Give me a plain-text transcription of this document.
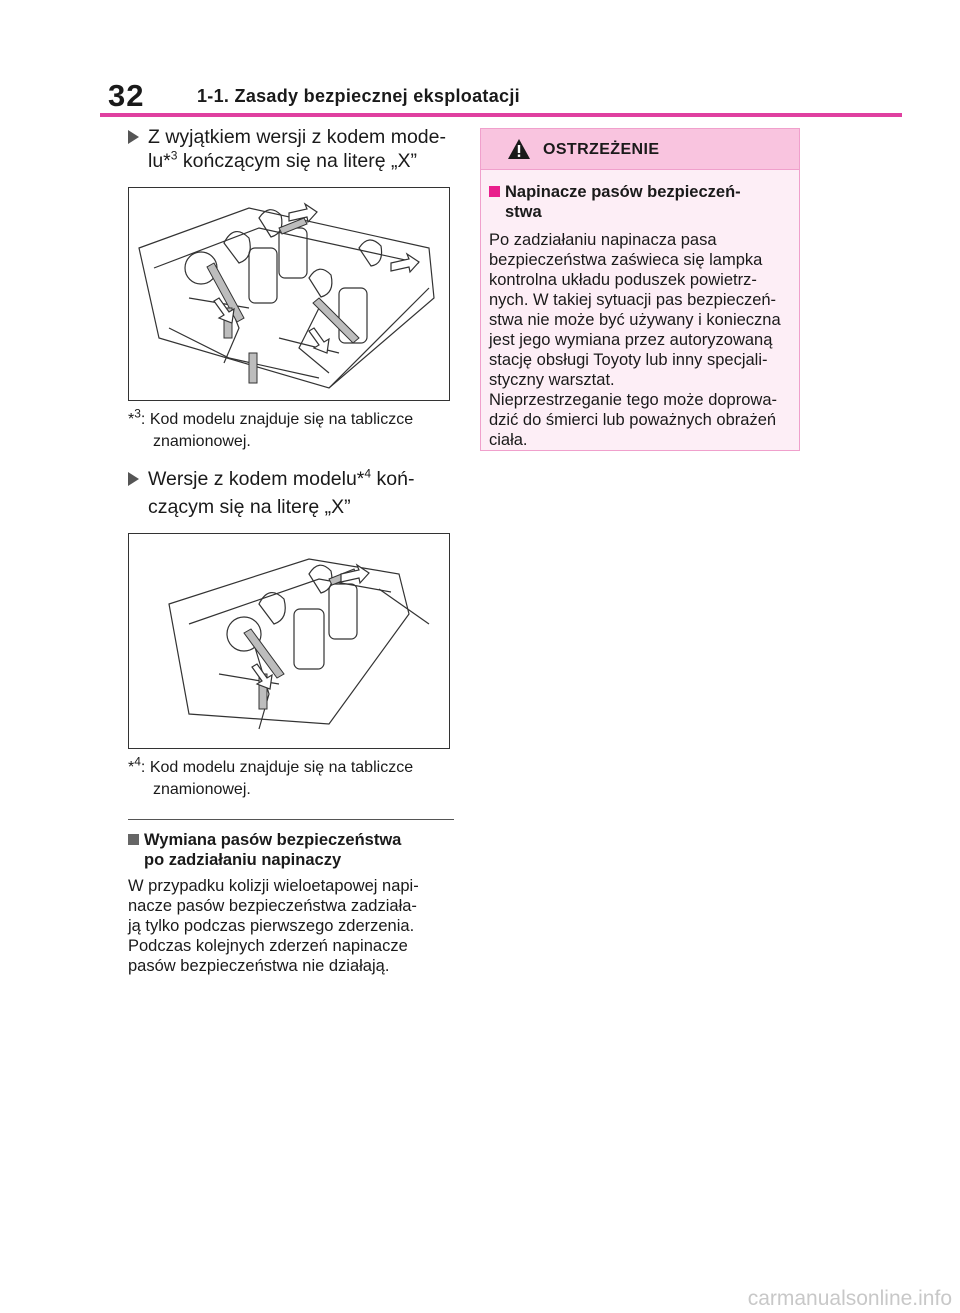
32	1-1. Zasady bezpiecznej eksploatacji
Z wyjątkiem wersji z kodem mode-
lu*$^3$ kończącym się na literę „X”
*$^3$: Kod modelu znajduje się na tabliczce
znamionowej.
Wersje z kodem modelu*$^4$ koń-
czącym się na literę „X”
*$^4$: Kod modelu znajduje się na tabliczce
znamionowej.
Wymiana pasów bezpieczeństwa
po zadziałaniu napinaczy
W przypadku kolizji wieloetapowej napi-
nacze pasów bezpieczeństwa zadziała-
ją tylko podczas pierwszego zderzenia.
Podczas kolejnych zderzeń napinacze
pasów bezpieczeństwa nie działają.
OSTRZEŻENIE
Napinacze pasów bezpieczeń-
stwa
Po zadziałaniu napinacza pasa
bezpieczeństwa zaświeca się lampka
kontrolna układu poduszek powietrz-
nych. W takiej sytuacji pas bezpieczeń-
stwa nie może być używany i konieczna
jest jego wymiana przez autoryzowaną
stację obsługi Toyoty lub inny specjali-
styczny warsztat.
Nieprzestrzeganie tego może doprowa-
dzić do śmierci lub poważnych obrażeń
ciała.
carmanualsonline.info
